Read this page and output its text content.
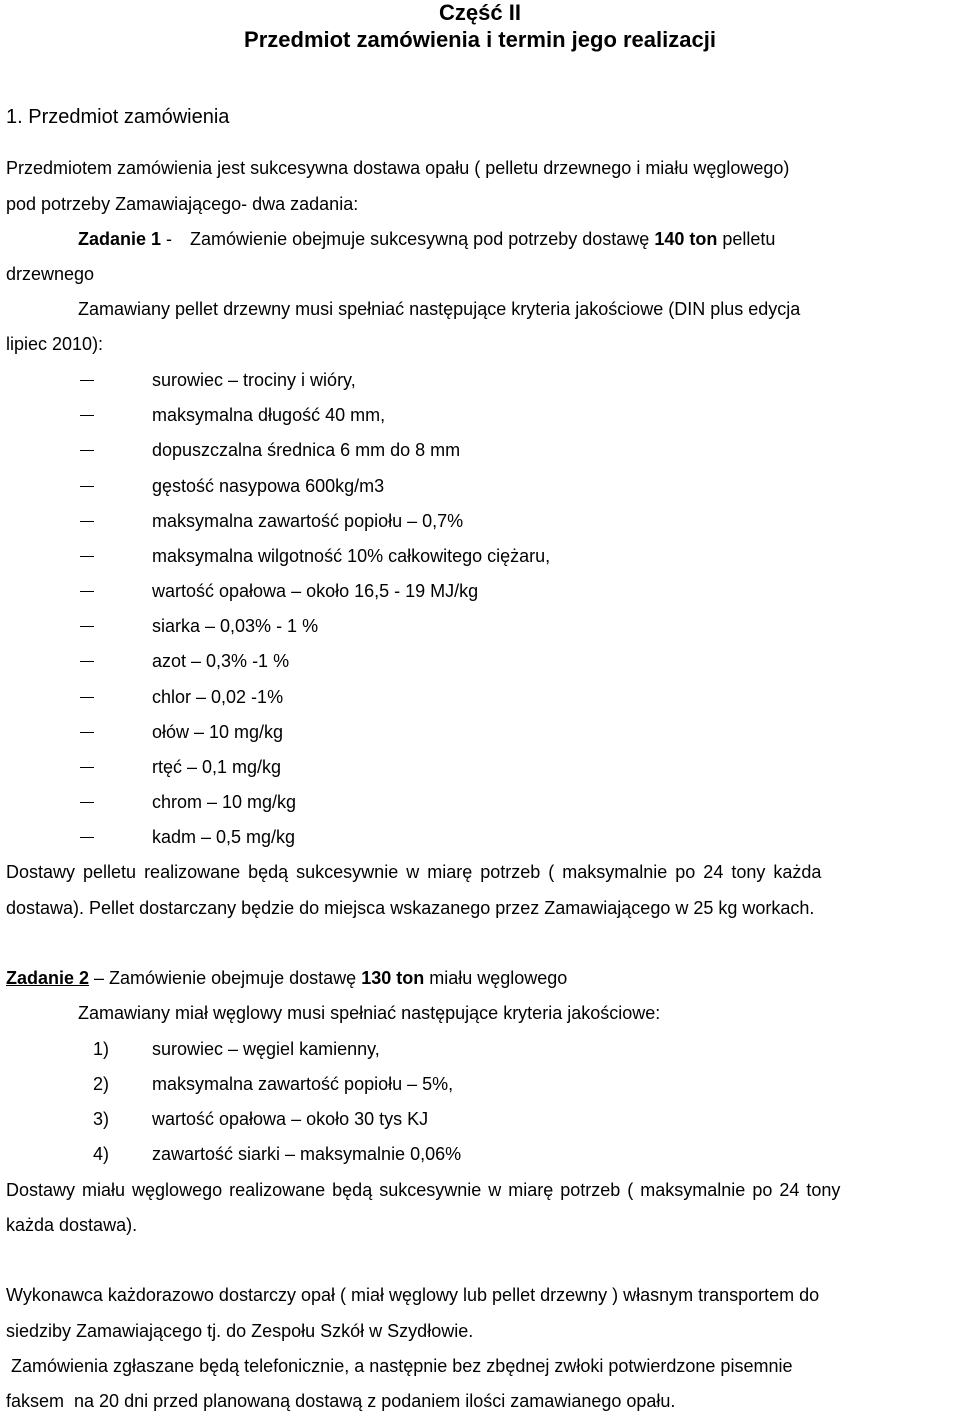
Część II
Przedmiot zamówienia i termin jego realizacji
1. Przedmiot zamówienia
Przedmiotem zamówienia jest sukcesywna dostawa opału ( pelletu drzewnego i miału węglowego)
pod potrzeby Zamawiającego- dwa zadania:
Zadanie 1 -  Zamówienie obejmuje sukcesywną pod potrzeby dostawę 140 ton pelletu
drzewnego
Zamawiany pellet drzewny musi spełniać następujące kryteria jakościowe (DIN plus edycja
lipiec 2010):
surowiec – trociny i wióry,
maksymalna długość 40 mm,
dopuszczalna średnica 6 mm do 8 mm
gęstość nasypowa 600kg/m3
maksymalna zawartość popiołu – 0,7%
maksymalna wilgotność 10% całkowitego ciężaru,
wartość opałowa – około 16,5 - 19 MJ/kg
siarka – 0,03% - 1 %
azot – 0,3% -1 %
chlor – 0,02 -1%
ołów – 10 mg/kg
rtęć – 0,1 mg/kg
chrom – 10 mg/kg
kadm – 0,5 mg/kg
Dostawy pelletu realizowane będą sukcesywnie w miarę potrzeb ( maksymalnie po 24 tony każda
dostawa). Pellet dostarczany będzie do miejsca wskazanego przez Zamawiającego w 25 kg workach.
Zadanie 2 – Zamówienie obejmuje dostawę 130 ton miału węglowego
Zamawiany miał węglowy musi spełniać następujące kryteria jakościowe:
1) surowiec – węgiel kamienny,
2) maksymalna zawartość popiołu – 5%,
3) wartość opałowa – około 30 tys KJ
4) zawartość siarki – maksymalnie 0,06%
Dostawy miału węglowego realizowane będą sukcesywnie w miarę potrzeb ( maksymalnie po 24 tony
każda dostawa).
Wykonawca każdorazowo dostarczy opał ( miał węglowy lub pellet drzewny ) własnym transportem do
siedziby Zamawiającego tj. do Zespołu Szkół w Szydłowie.
Zamówienia zgłaszane będą telefonicznie, a następnie bez zbędnej zwłoki potwierdzone pisemnie
faksem  na 20 dni przed planowaną dostawą z podaniem ilości zamawianego opału.
